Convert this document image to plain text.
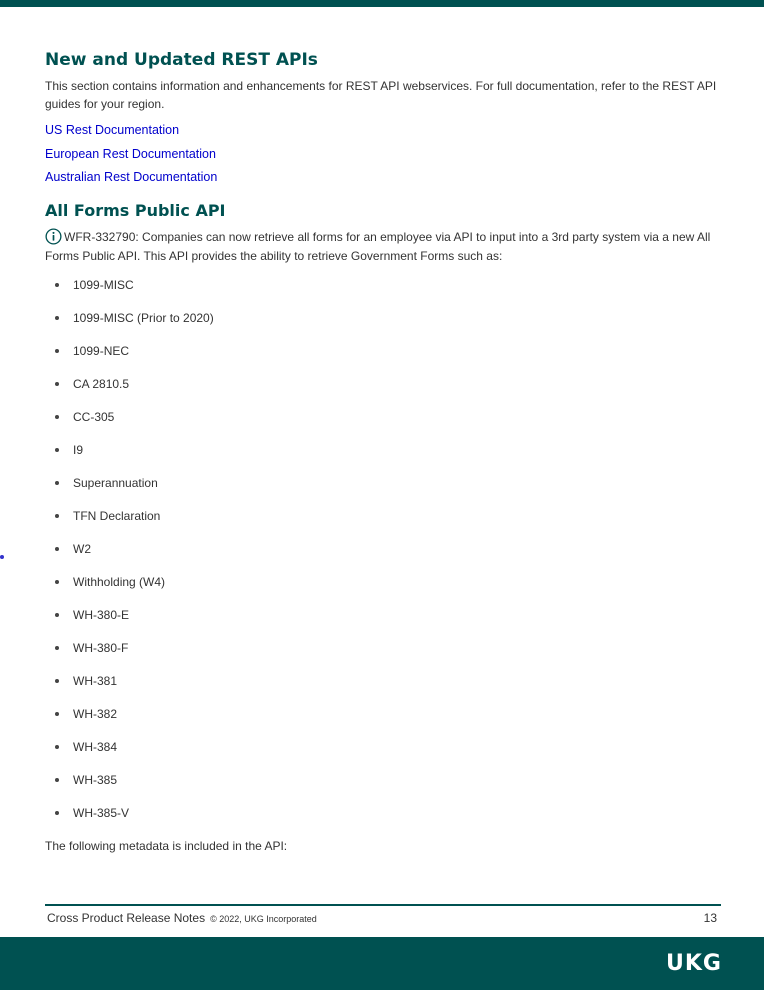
New and Updated REST APIs

This section contains information and enhancements for REST API webservices. For full documentation, refer to the REST API guides for your region.

US Rest Documentation
European Rest Documentation
Australian Rest Documentation
All Forms Public API

WFR-332790: Companies can now retrieve all forms for an employee via API to input into a 3rd party system via a new All Forms Public API. This API provides the ability to retrieve Government Forms such as:

1099-MISC
1099-MISC (Prior to 2020)
1099-NEC
CA 2810.5
CC-305
I9
Superannuation
TFN Declaration
W2
Withholding (W4)
WH-380-E
WH-380-F
WH-381
WH-382
WH-384
WH-385
WH-385-V

The following metadata is included in the API:

Cross Product Release Notes © 2022, UKG Incorporated	13
UKG
